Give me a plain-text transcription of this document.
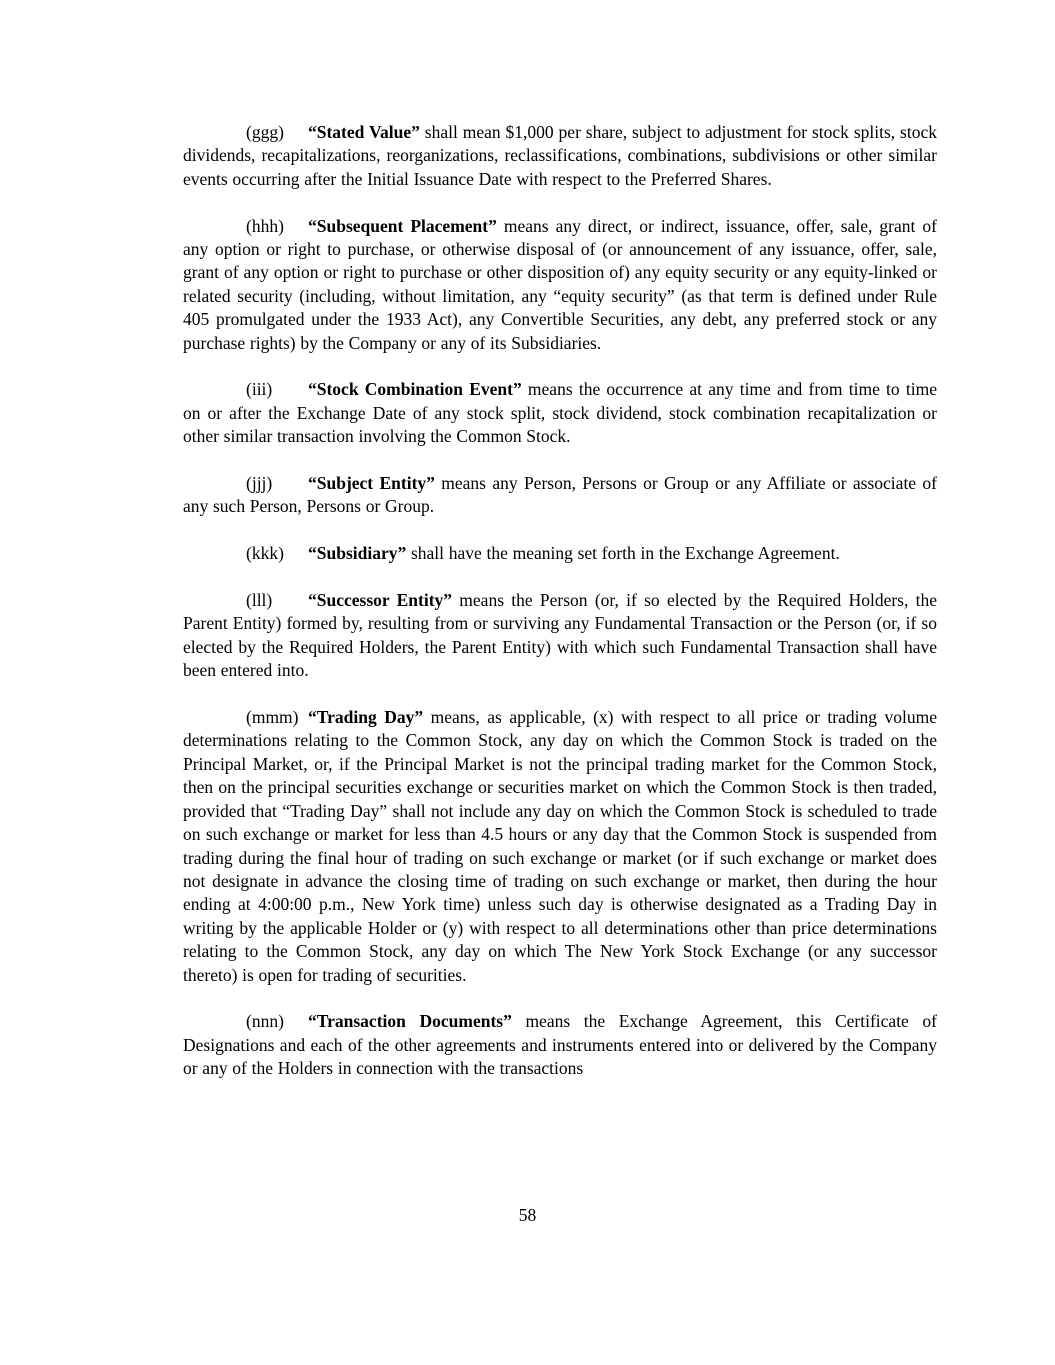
(ggg) “Stated Value” shall mean $1,000 per share, subject to adjustment for stock splits, stock dividends, recapitalizations, reorganizations, reclassifications, combinations, subdivisions or other similar events occurring after the Initial Issuance Date with respect to the Preferred Shares.

(hhh) “Subsequent Placement” means any direct, or indirect, issuance, offer, sale, grant of any option or right to purchase, or otherwise disposal of (or announcement of any issuance, offer, sale, grant of any option or right to purchase or other disposition of) any equity security or any equity-linked or related security (including, without limitation, any “equity security” (as that term is defined under Rule 405 promulgated under the 1933 Act), any Convertible Securities, any debt, any preferred stock or any purchase rights) by the Company or any of its Subsidiaries.

(iii) “Stock Combination Event” means the occurrence at any time and from time to time on or after the Exchange Date of any stock split, stock dividend, stock combination recapitalization or other similar transaction involving the Common Stock.

(jjj) “Subject Entity” means any Person, Persons or Group or any Affiliate or associate of any such Person, Persons or Group.

(kkk) “Subsidiary” shall have the meaning set forth in the Exchange Agreement.

(lll) “Successor Entity” means the Person (or, if so elected by the Required Holders, the Parent Entity) formed by, resulting from or surviving any Fundamental Transaction or the Person (or, if so elected by the Required Holders, the Parent Entity) with which such Fundamental Transaction shall have been entered into.

(mmm) “Trading Day” means, as applicable, (x) with respect to all price or trading volume determinations relating to the Common Stock, any day on which the Common Stock is traded on the Principal Market, or, if the Principal Market is not the principal trading market for the Common Stock, then on the principal securities exchange or securities market on which the Common Stock is then traded, provided that “Trading Day” shall not include any day on which the Common Stock is scheduled to trade on such exchange or market for less than 4.5 hours or any day that the Common Stock is suspended from trading during the final hour of trading on such exchange or market (or if such exchange or market does not designate in advance the closing time of trading on such exchange or market, then during the hour ending at 4:00:00 p.m., New York time) unless such day is otherwise designated as a Trading Day in writing by the applicable Holder or (y) with respect to all determinations other than price determinations relating to the Common Stock, any day on which The New York Stock Exchange (or any successor thereto) is open for trading of securities.

(nnn) “Transaction Documents” means the Exchange Agreement, this Certificate of Designations and each of the other agreements and instruments entered into or delivered by the Company or any of the Holders in connection with the transactions

58
